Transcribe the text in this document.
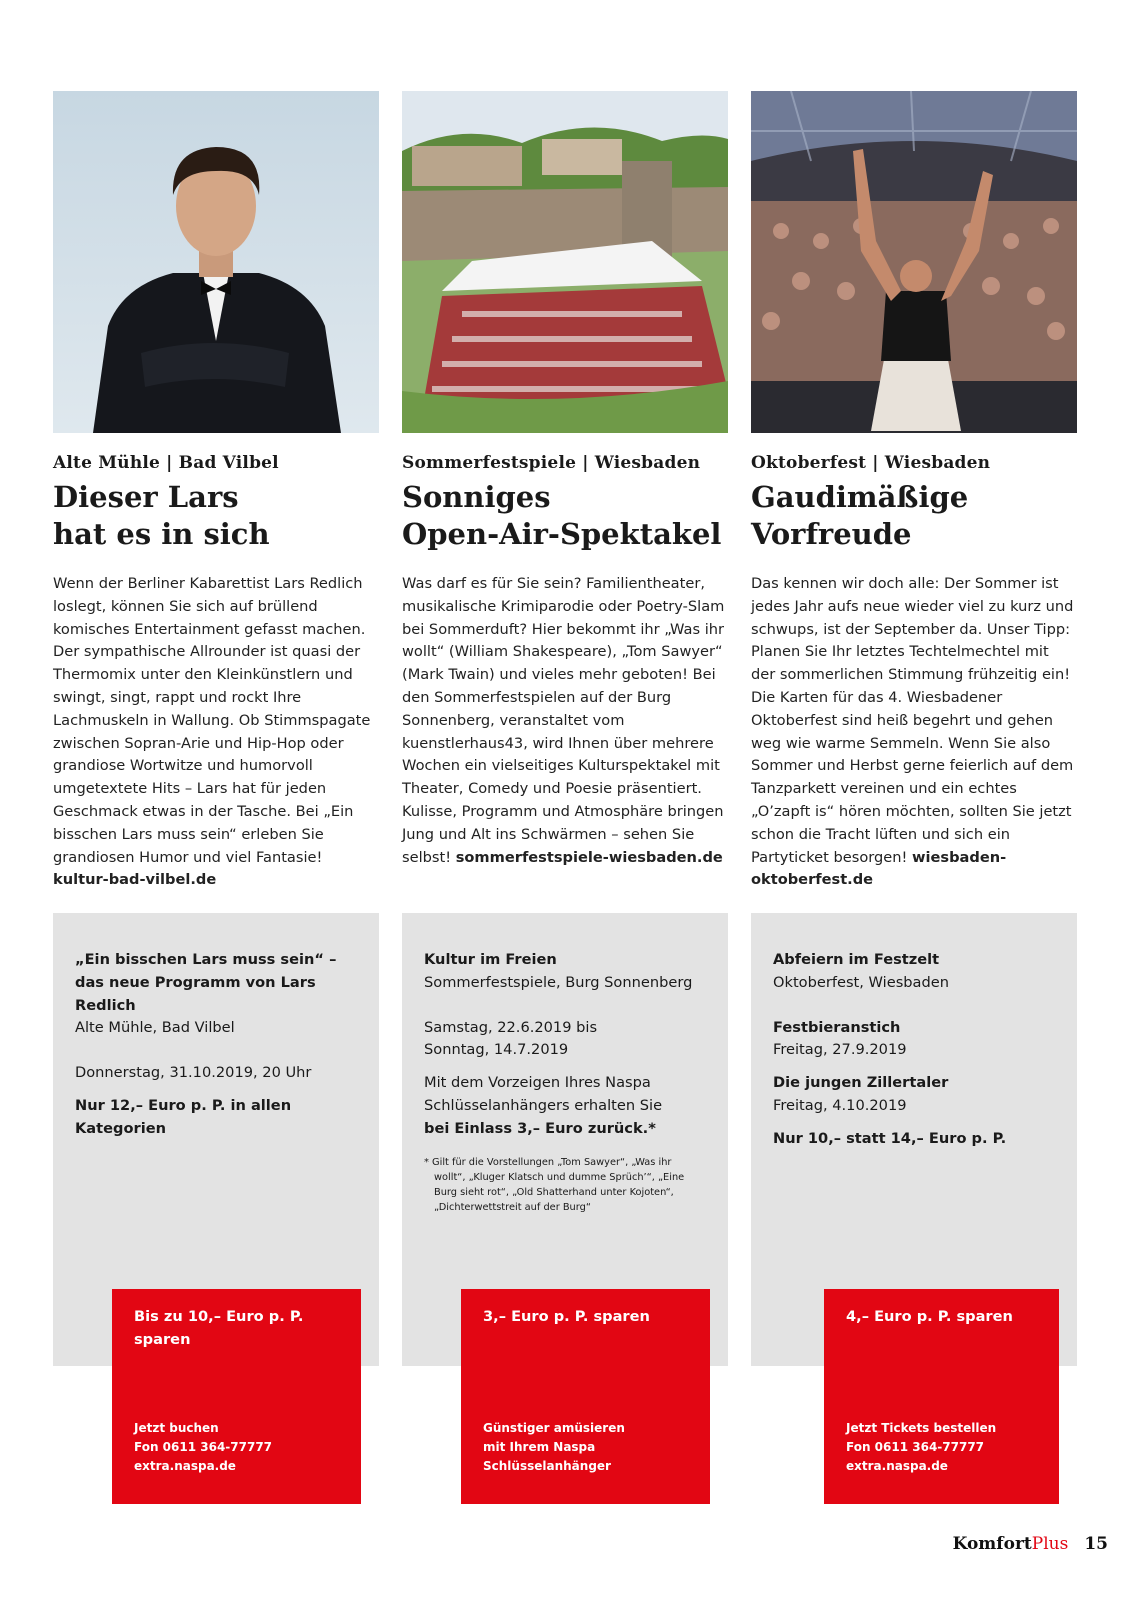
Alte Mühle | Bad Vilbel
Dieser Lars
hat es in sich
Wenn der Berliner Kabarettist Lars Redlich loslegt, können Sie sich auf brüllend komisches Entertainment gefasst machen. Der sympathische Allrounder ist quasi der Thermomix unter den Kleinkünstlern und swingt, singt, rappt und rockt Ihre Lachmuskeln in Wallung. Ob Stimmspagate zwischen Sopran-Arie und Hip-Hop oder grandiose Wortwitze und humorvoll umgetextete Hits – Lars hat für jeden Geschmack etwas in der Tasche. Bei „Ein bisschen Lars muss sein“ erleben Sie grandiosen Humor und viel Fantasie! kultur-bad-vilbel.de
Sommerfestspiele | Wiesbaden
Sonniges
Open-Air-Spektakel
Was darf es für Sie sein? Familientheater, musikalische Krimiparodie oder Poetry-Slam bei Sommerduft? Hier bekommt ihr „Was ihr wollt“ (William Shakespeare), „Tom Sawyer“ (Mark Twain) und vieles mehr geboten! Bei den Sommerfestspielen auf der Burg Sonnenberg, veranstaltet vom kuenstlerhaus43, wird Ihnen über mehrere Wochen ein vielseitiges Kulturspektakel mit Theater, Comedy und Poesie präsentiert. Kulisse, Programm und Atmosphäre bringen Jung und Alt ins Schwärmen – sehen Sie selbst! sommerfestspiele-wiesbaden.de
Oktoberfest | Wiesbaden
Gaudimäßige
Vorfreude
Das kennen wir doch alle: Der Sommer ist jedes Jahr aufs neue wieder viel zu kurz und schwups, ist der September da. Unser Tipp: Planen Sie Ihr letztes Techtelmechtel mit der sommerlichen Stimmung frühzeitig ein! Die Karten für das 4. Wiesbadener Oktoberfest sind heiß begehrt und gehen weg wie warme Semmeln. Wenn Sie also Sommer und Herbst gerne feierlich auf dem Tanzparkett vereinen und ein echtes „O’zapft is“ hören möchten, sollten Sie jetzt schon die Tracht lüften und sich ein Partyticket besorgen! wiesbaden-oktoberfest.de
„Ein bisschen Lars muss sein“ – das neue Programm von Lars Redlich
Alte Mühle, Bad Vilbel
Donnerstag, 31.10.2019, 20 Uhr
Nur 12,– Euro p. P. in allen Kategorien
Kultur im Freien
Sommerfestspiele, Burg Sonnenberg
Samstag, 22.6.2019 bis
Sonntag, 14.7.2019
Mit dem Vorzeigen Ihres Naspa Schlüsselanhängers erhalten Sie
bei Einlass 3,– Euro zurück.*
* Gilt für die Vorstellungen „Tom Sawyer“, „Was ihr wollt“, „Kluger Klatsch und dumme Sprüch’“, „Eine Burg sieht rot“, „Old Shatterhand unter Kojoten“, „Dichterwettstreit auf der Burg“
Abfeiern im Festzelt
Oktoberfest, Wiesbaden
Festbieranstich
Freitag, 27.9.2019
Die jungen Zillertaler
Freitag, 4.10.2019
Nur 10,– statt 14,– Euro p. P.
Bis zu 10,– Euro p. P. sparen
Jetzt buchen
Fon 0611 364-77777
extra.naspa.de
3,– Euro p. P. sparen
Günstiger amüsieren
mit Ihrem Naspa
Schlüsselanhänger
4,– Euro p. P. sparen
Jetzt Tickets bestellen
Fon 0611 364-77777
extra.naspa.de
KomfortPlus 15
